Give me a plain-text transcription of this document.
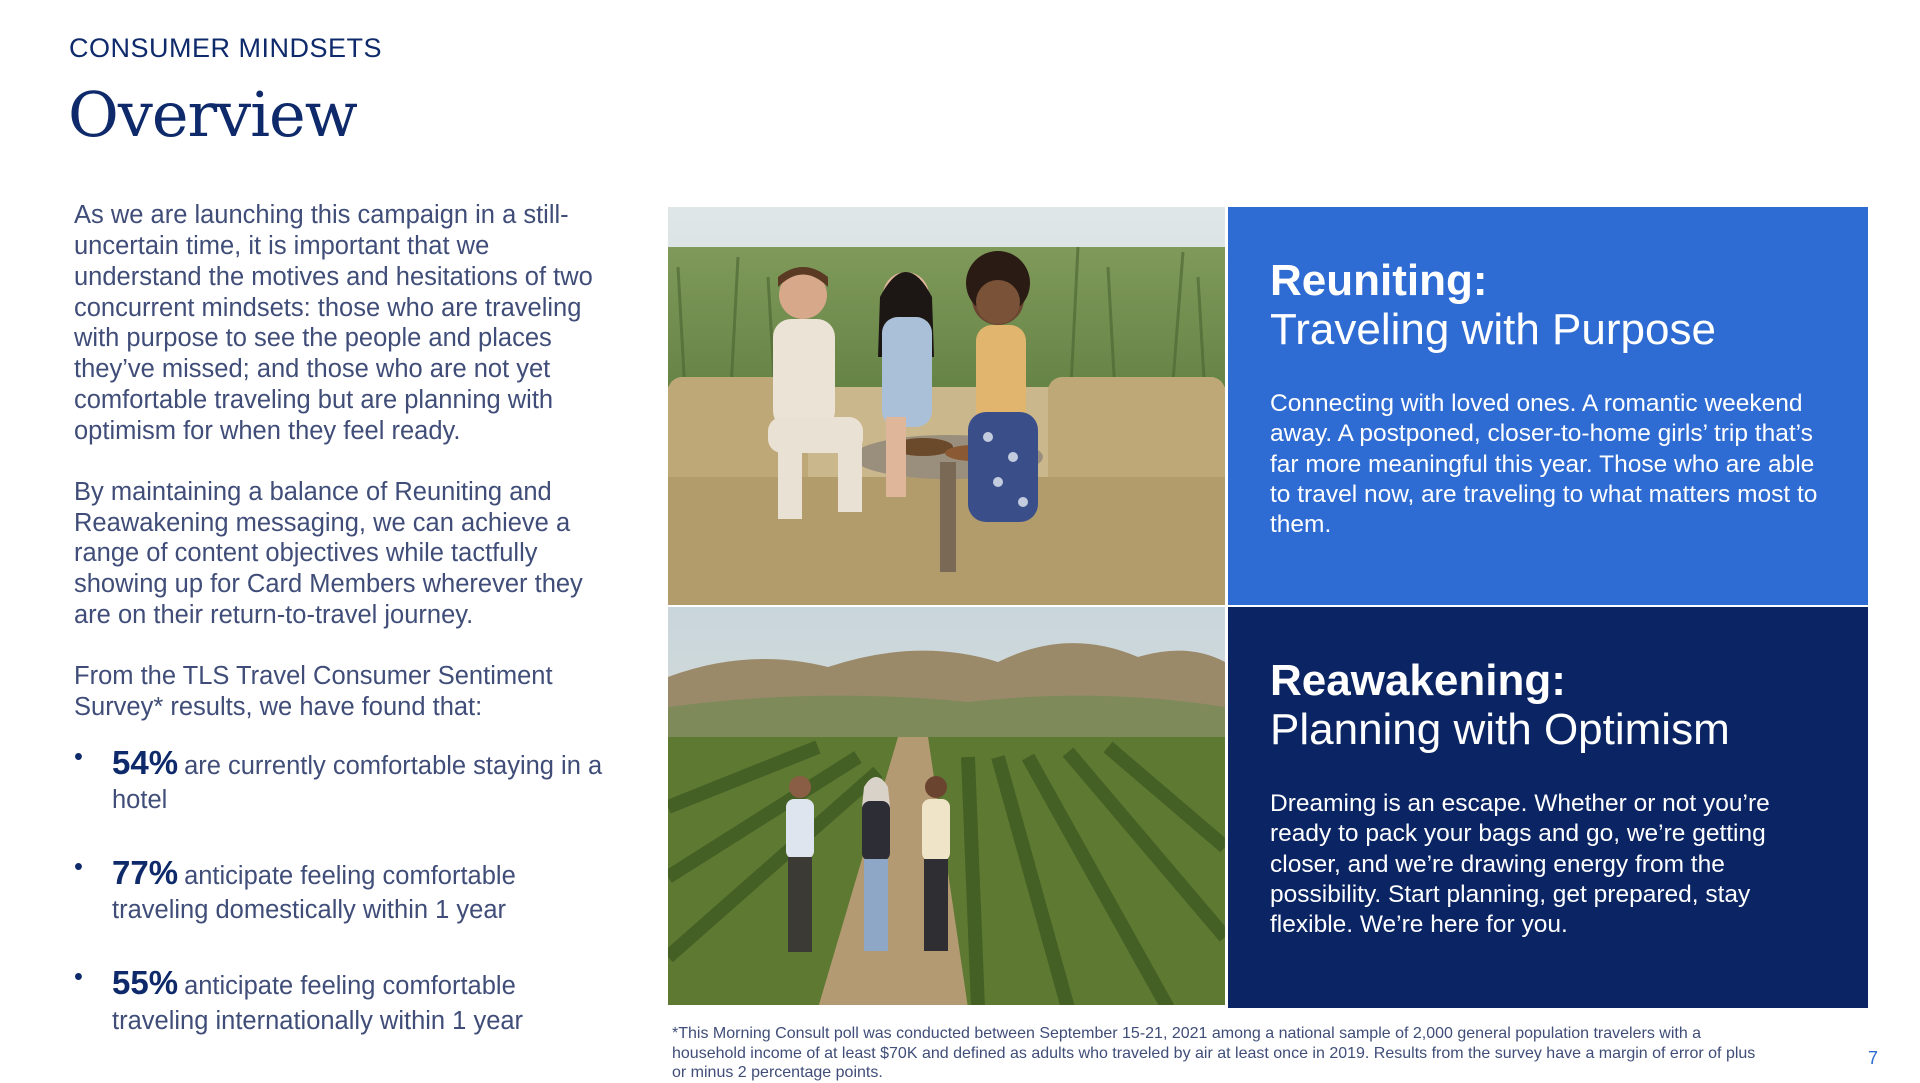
CONSUMER MINDSETS
Overview

As we are launching this campaign in a still-uncertain time, it is important that we understand the motives and hesitations of two concurrent mindsets: those who are traveling with purpose to see the people and places they’ve missed; and those who are not yet comfortable traveling but are planning with optimism for when they feel ready.

By maintaining a balance of Reuniting and Reawakening messaging, we can achieve a range of content objectives while tactfully showing up for Card Members wherever they are on their return-to-travel journey.

From the TLS Travel Consumer Sentiment Survey* results, we have found that:

• 54% are currently comfortable staying in a hotel
• 77% anticipate feeling comfortable traveling domestically within 1 year
• 55% anticipate feeling comfortable traveling internationally within 1 year
Reuniting:
Traveling with Purpose
Connecting with loved ones. A romantic weekend away. A postponed, closer-to-home girls’ trip that’s far more meaningful this year. Those who are able to travel now, are traveling to what matters most to them.
Reawakening:
Planning with Optimism
Dreaming is an escape. Whether or not you’re ready to pack your bags and go, we’re getting closer, and we’re drawing energy from the possibility. Start planning, get prepared, stay flexible. We’re here for you.
*This Morning Consult poll was conducted between September 15-21, 2021 among a national sample of 2,000 general population travelers with a household income of at least $70K and defined as adults who traveled by air at least once in 2019. Results from the survey have a margin of error of plus or minus 2 percentage points.
7
